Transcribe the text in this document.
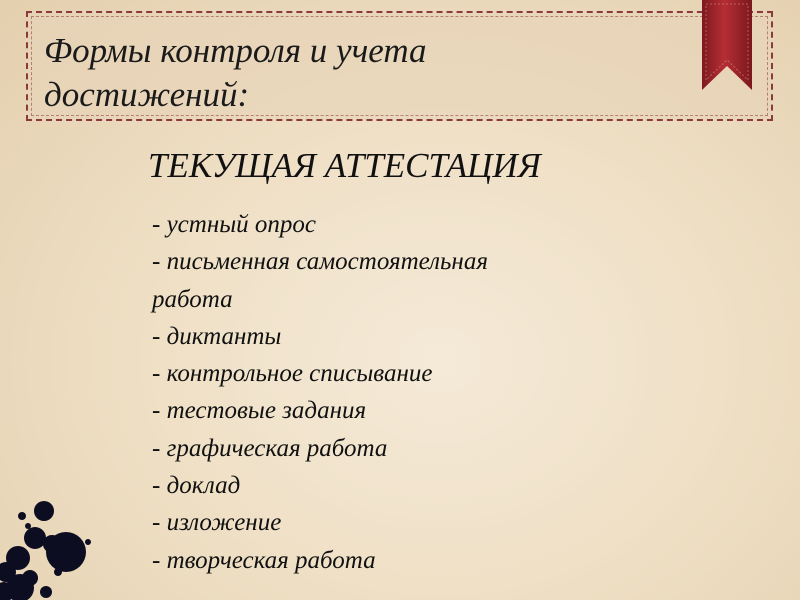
Формы контроля и учета
достижений:
ТЕКУЩАЯ АТТЕСТАЦИЯ
- устный опрос
- письменная самостоятельная
работа
- диктанты
- контрольное списывание
- тестовые задания
- графическая работа
- доклад
- изложение
- творческая работа
